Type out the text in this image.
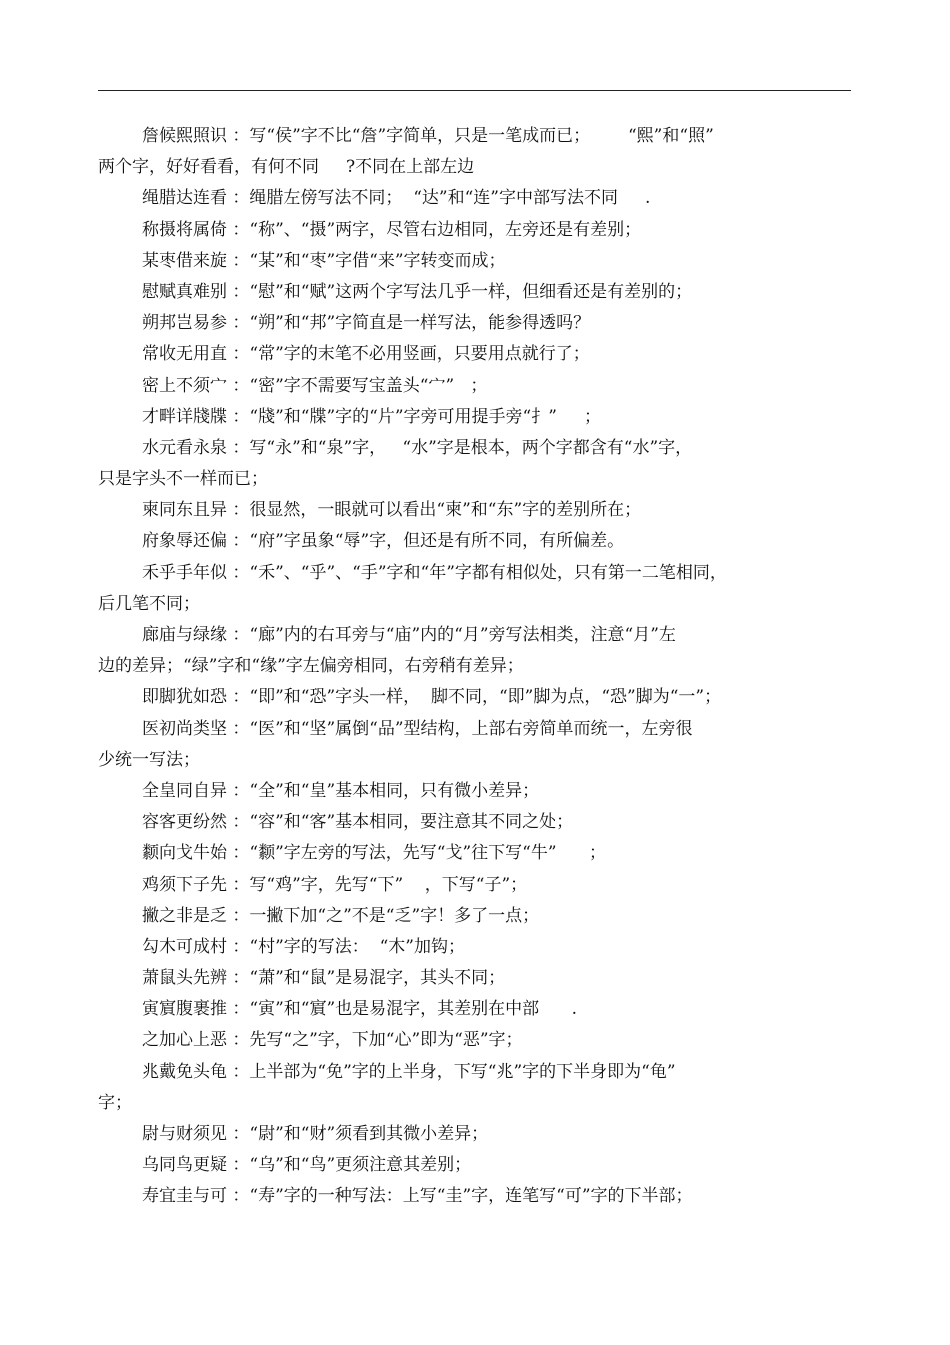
詹候熙照识 ：写“侯”字不比“詹”字简单，只是一笔成而已；       “熙”和“照”
两个字，好好看看，有何不同     ?不同在上部左边
绳腊达连看 ：绳腊左傍写法不同；  “达”和“连”字中部写法不同     .
称摄将属倚 ：“称”、“摄”两字，尽管右边相同，左旁还是有差别；
某枣借来旋 ：“某”和“枣”字借“来”字转变而成；
慰赋真难别 ：“慰”和“赋”这两个字写法几乎一样，但细看还是有差别的；
朔邦岂易参 ：“朔”和“邦”字简直是一样写法，能参得透吗？
常收无用直 ：“常”字的末笔不必用竖画，只要用点就行了；
密上不须宀 ：“密”字不需要写宝盖头“宀”   ；
才畔详牋牒 ：“牋”和“牒”字的“片”字旁可用提手旁“扌”     ；
水元看永泉 ：写“永”和“泉”字，   “水”字是根本，两个字都含有“水”字，
只是字头不一样而已；
柬同东且异 ：很显然，一眼就可以看出“柬”和“东”字的差别所在；
府象辱还偏 ：“府”字虽象“辱”字，但还是有所不同，有所偏差。
禾乎手年似 ：“禾”、“乎”、“手”字和“年”字都有相似处，只有第一二笔相同，
后几笔不同；
廊庙与绿缘 ：“廊”内的右耳旁与“庙”内的“月”旁写法相类，注意“月”左
边的差异；“绿”字和“缘”字左偏旁相同，右旁稍有差异；
即脚犹如恐 ：“即”和“恐”字头一样，  脚不同，“即”脚为点，“恐”脚为“一”；
医初尚类坚 ：“医”和“坚”属倒“品”型结构，上部右旁简单而统一，左旁很
少统一写法；
全皇同自异 ：“全”和“皇”基本相同，只有微小差异；
容客更纷然 ：“容”和“客”基本相同，要注意其不同之处；
颣向戈牛始 ：“颣”字左旁的写法，先写“戈”往下写“牛”      ；
鸡须下子先 ：写“鸡”字，先写“下”    ，下写“子”；
撇之非是乏 ：一撇下加“之”不是“乏”字！多了一点；
勾木可成村 ：“村”字的写法：  “木”加钩；
萧鼠头先辨 ：“萧”和“鼠”是易混字，其头不同；
寅賔腹裹推 ：“寅”和“賔”也是易混字，其差别在中部      .
之加心上恶 ：先写“之”字，下加“心”即为“恶”字；
兆戴免头龟 ：上半部为“免”字的上半身，下写“兆”字的下半身即为“龟”
字；
尉与财须见 ：“尉”和“财”须看到其微小差异；
乌同鸟更疑 ：“乌”和“鸟”更须注意其差别；
寿宜圭与可 ：“寿”字的一种写法：上写“圭”字，连笔写“可”字的下半部；
